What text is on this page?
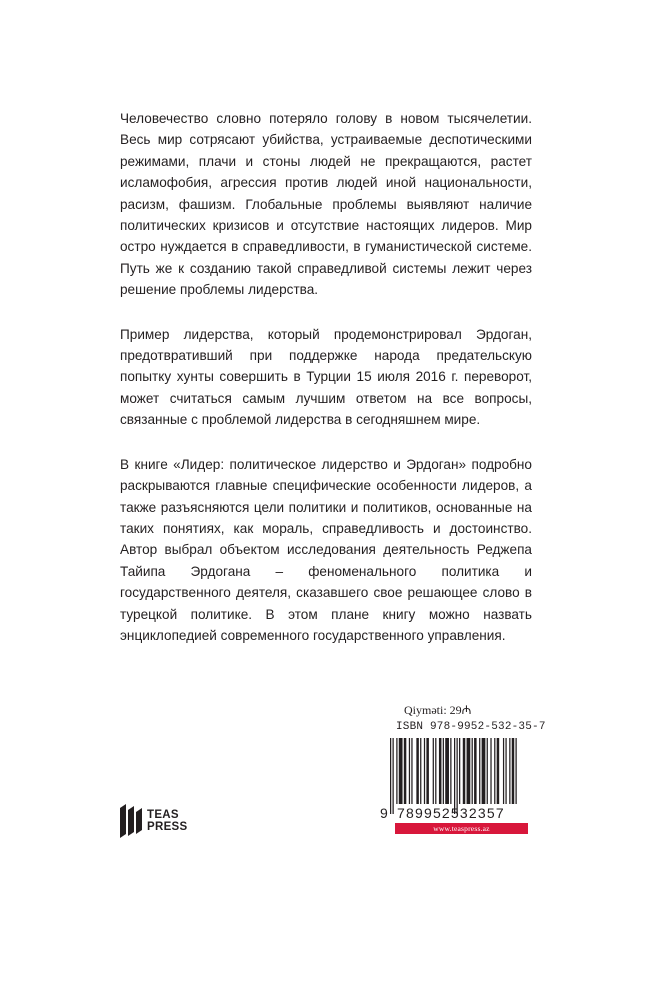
Человечество словно потеряло голову в новом тысячелетии. Весь мир сотрясают убийства, устраиваемые деспотическими режимами, плачи и стоны людей не прекращаются, растет исламофобия, агрессия против людей иной национальности, расизм, фашизм. Глобальные проблемы выявляют наличие политических кризисов и отсутствие настоящих лидеров. Мир остро нуждается в справедливости, в гуманистической системе. Путь же к созданию такой справедливой системы лежит через решение проблемы лидерства.

Пример лидерства, который продемонстрировал Эрдоган, предотвративший при поддержке народа предательскую попытку хунты совершить в Турции 15 июля 2016 г. переворот, может считаться самым лучшим ответом на все вопросы, связанные с проблемой лидерства в сегодняшнем мире.

В книге «Лидер: политическое лидерство и Эрдоган» подробно раскрываются главные специфические особенности лидеров, а также разъясняются цели политики и политиков, основанные на таких понятиях, как мораль, справедливость и достоинство. Автор выбрал объектом исследования деятельность Реджепа Тайипа Эрдогана – феноменального политика и государственного деятеля, сказавшего свое решающее слово в турецкой политике. В этом плане книгу можно назвать энциклопедией современного государственного управления.

Qiymәti: 29₼
ISBN 978-9952-532-35-7
9 789952532357
www.teaspress.az
TEAS
PRESS
